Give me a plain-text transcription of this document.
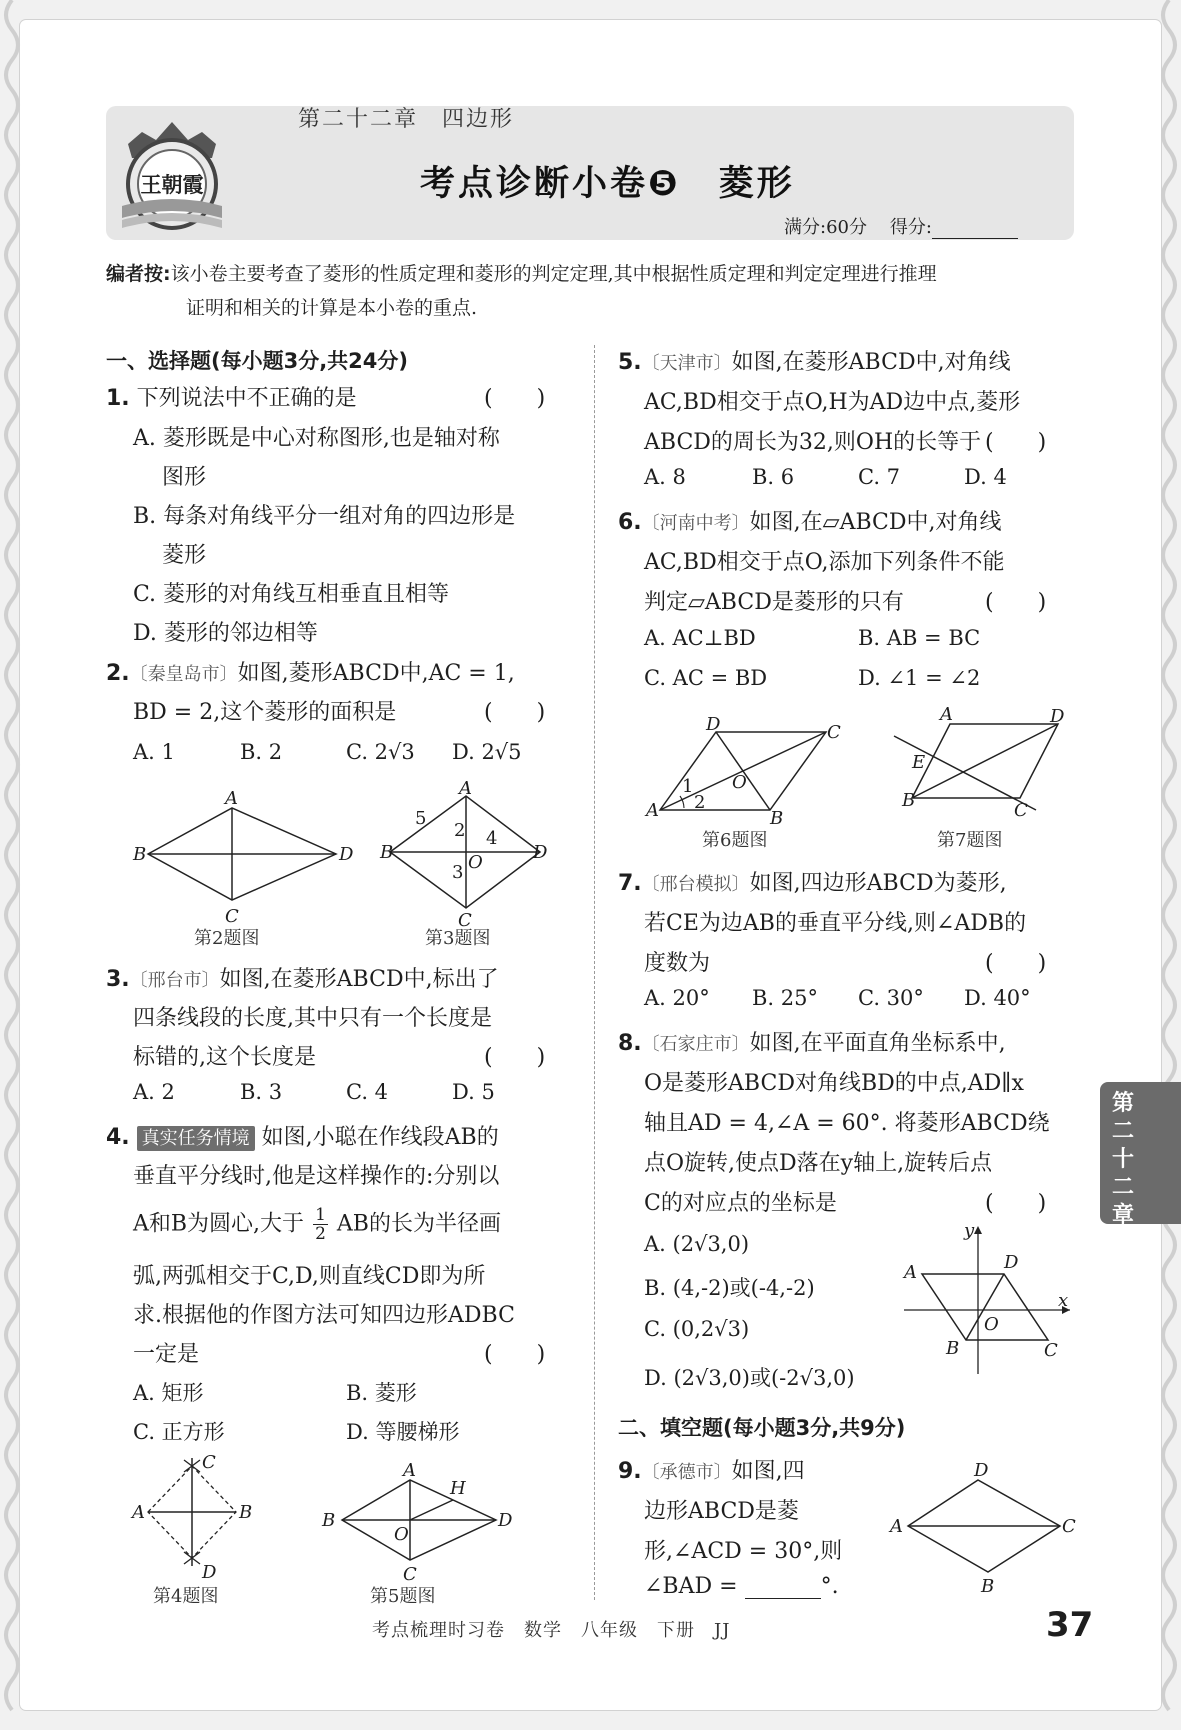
王朝霞
第二十二章　四边形
考点诊断小卷❺　菱形
满分:60分 得分:
编者按:该小卷主要考查了菱形的性质定理和菱形的判定定理,其中根据性质定理和判定定理进行推理
证明和相关的计算是本小卷的重点.
一、选择题(每小题3分,共24分)
1. 下列说法中不正确的是	(　　)
A. 菱形既是中心对称图形,也是轴对称
图形
B. 每条对角线平分一组对角的四边形是
菱形
C. 菱形的对角线互相垂直且相等
D. 菱形的邻边相等
2.〔秦皇岛市〕如图,菱形ABCD中,AC = 1,
BD = 2,这个菱形的面积是	(　　)
A. 1	B. 2	C. 2√3 D. 2√5
A
B
C
D
A
B
C
D
5
2 4
3 O
第2题图	第3题图
3.〔邢台市〕如图,在菱形ABCD中,标出了
四条线段的长度,其中只有一个长度是
标错的,这个长度是	(　　)
A. 2	B. 3	C. 4	D. 5
4. 真实任务情境 如图,小聪在作线段AB的
垂直平分线时,他是这样操作的:分别以
A和B为圆心,大于 $\frac{1}{2}$ AB的长为半径画
弧,两弧相交于C,D,则直线CD即为所
求.根据他的作图方法可知四边形ADBC
一定是	(　　)
A. 矩形	B. 菱形
C. 正方形	D. 等腰梯形
A	B
C
D
A
B
C
D
H
O
第4题图	第5题图
5.〔天津市〕如图,在菱形ABCD中,对角线
AC,BD相交于点O,H为AD边中点,菱形
ABCD的周长为32,则OH的长等于 (　　)
A. 8	B. 6	C. 7	D. 4
6.〔河南中考〕如图,在▱ABCD中,对角线
AC,BD相交于点O,添加下列条件不能
判定▱ABCD是菱形的只有	(　　)
A. AC⊥BD	B. AB = BC
C. AC = BD	D. ∠1 = ∠2
A
D	C
B
1
2
O
A	D
B	C
E
第6题图	第7题图
7.〔邢台模拟〕如图,四边形ABCD为菱形,
若CE为边AB的垂直平分线,则∠ADB的
度数为	(　　)
A. 20° B. 25° C. 30° D. 40°
8.〔石家庄市〕如图,在平面直角坐标系中,
O是菱形ABCD对角线BD的中点,AD∥x
轴且AD = 4,∠A = 60°. 将菱形ABCD绕
点O旋转,使点D落在y轴上,旋转后点
C的对应点的坐标是	(　　)
A. (2√3,0)
B. (4,-2)或(-4,-2)
C. (0,2√3)
D. (2√3,0)或(-2√3,0)
y
x
A	D
B	C
O
二、填空题(每小题3分,共9分)
9.〔承德市〕如图,四
边形ABCD是菱
形,∠ACD = 30°,则
∠BAD =	°.
D
A	C
B
第二十二章
考点梳理时习卷　数学　八年级　下册　JJ	37
